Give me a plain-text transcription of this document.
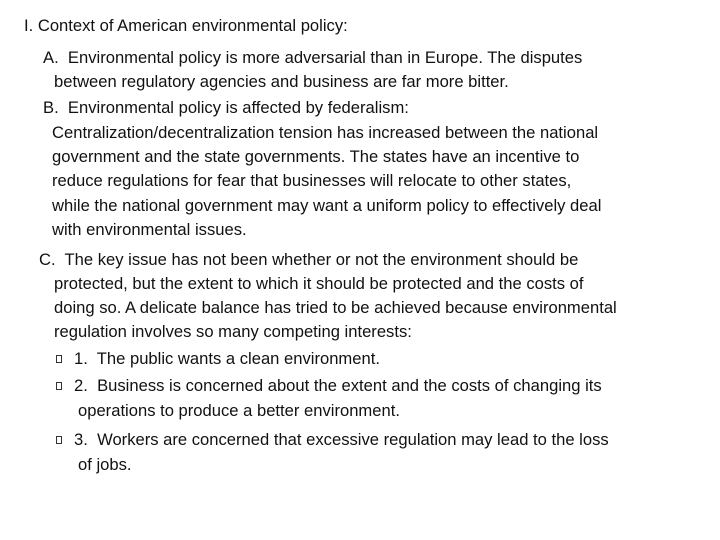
I. Context of American environmental policy:
A. Environmental policy is more adversarial than in Europe. The disputes
between regulatory agencies and business are far more bitter.
B. Environmental policy is affected by federalism:
Centralization/decentralization tension has increased between the national
government and the state governments. The states have an incentive to
reduce regulations for fear that businesses will relocate to other states,
while the national government may want a uniform policy to effectively deal
with environmental issues.
C. The key issue has not been whether or not the environment should be
protected, but the extent to which it should be protected and the costs of
doing so. A delicate balance has tried to be achieved because environmental
regulation involves so many competing interests:
1. The public wants a clean environment.
2. Business is concerned about the extent and the costs of changing its
operations to produce a better environment.
3. Workers are concerned that excessive regulation may lead to the loss
of jobs.
